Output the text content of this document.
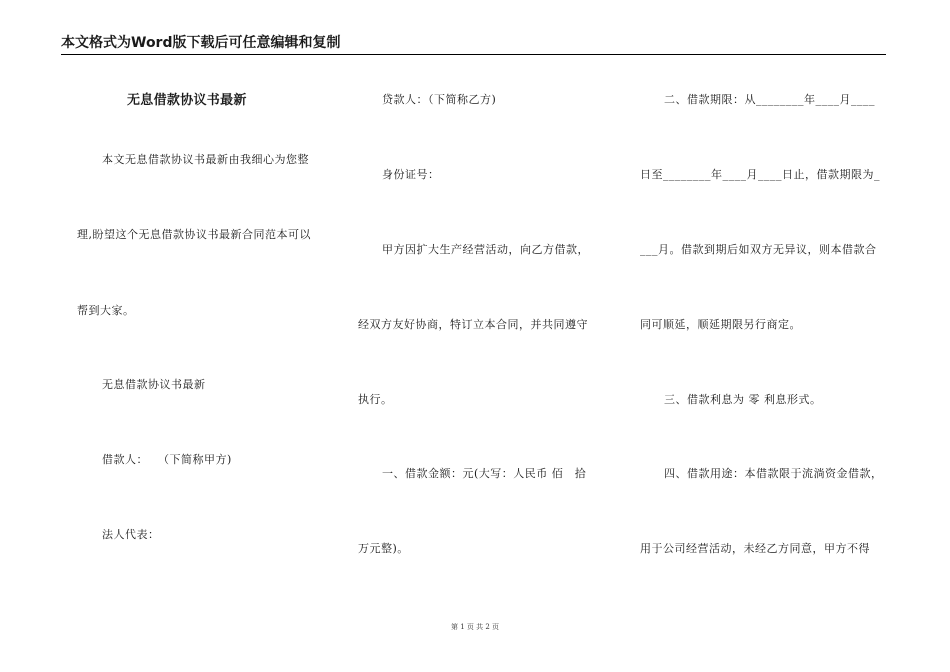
本文格式为Word版下载后可任意编辑和复制
无息借款协议书最新
本文无息借款协议书最新由我细心为您整
理,盼望这个无息借款协议书最新合同范本可以
帮到大家。
无息借款协议书最新
借款人：　 （下简称甲方)
法人代表：
贷款人：（下简称乙方)
身份证号：
甲方因扩大生产经营活动，向乙方借款，
经双方友好协商，特订立本合同，并共同遵守
执行。
一、借款金额：元(大写：人民币 佰　拾
万元整)。
二、借款期限：从________年____月____
日至________年____月____日止，借款期限为_
___月。借款到期后如双方无异议，则本借款合
同可顺延，顺延期限另行商定。
三、借款利息为 零 利息形式。
四、借款用途：本借款限于流淌资金借款，
用于公司经营活动，未经乙方同意，甲方不得
第 1 页 共 2 页
